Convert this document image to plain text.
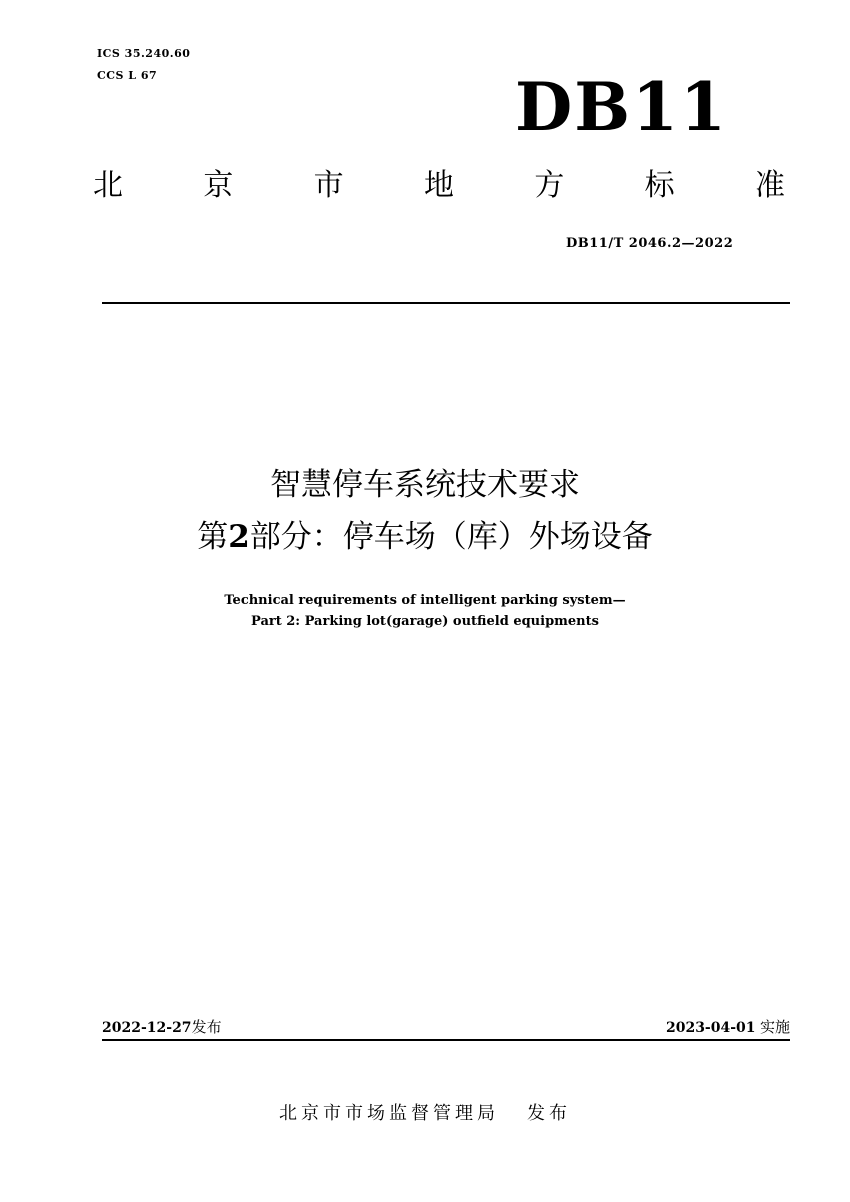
ICS 35.240.60
CCS L 67	DB11
北	京	市	地	方	标	准
DB11/T 2046.2—2022
智慧停车系统技术要求
第2部分：停车场（库）外场设备
Technical requirements of intelligent parking system—
Part 2: Parking lot(garage) outfield equipments
2022-12-27发布	2023-04-01 实施
北京市市场监督管理局 发布
